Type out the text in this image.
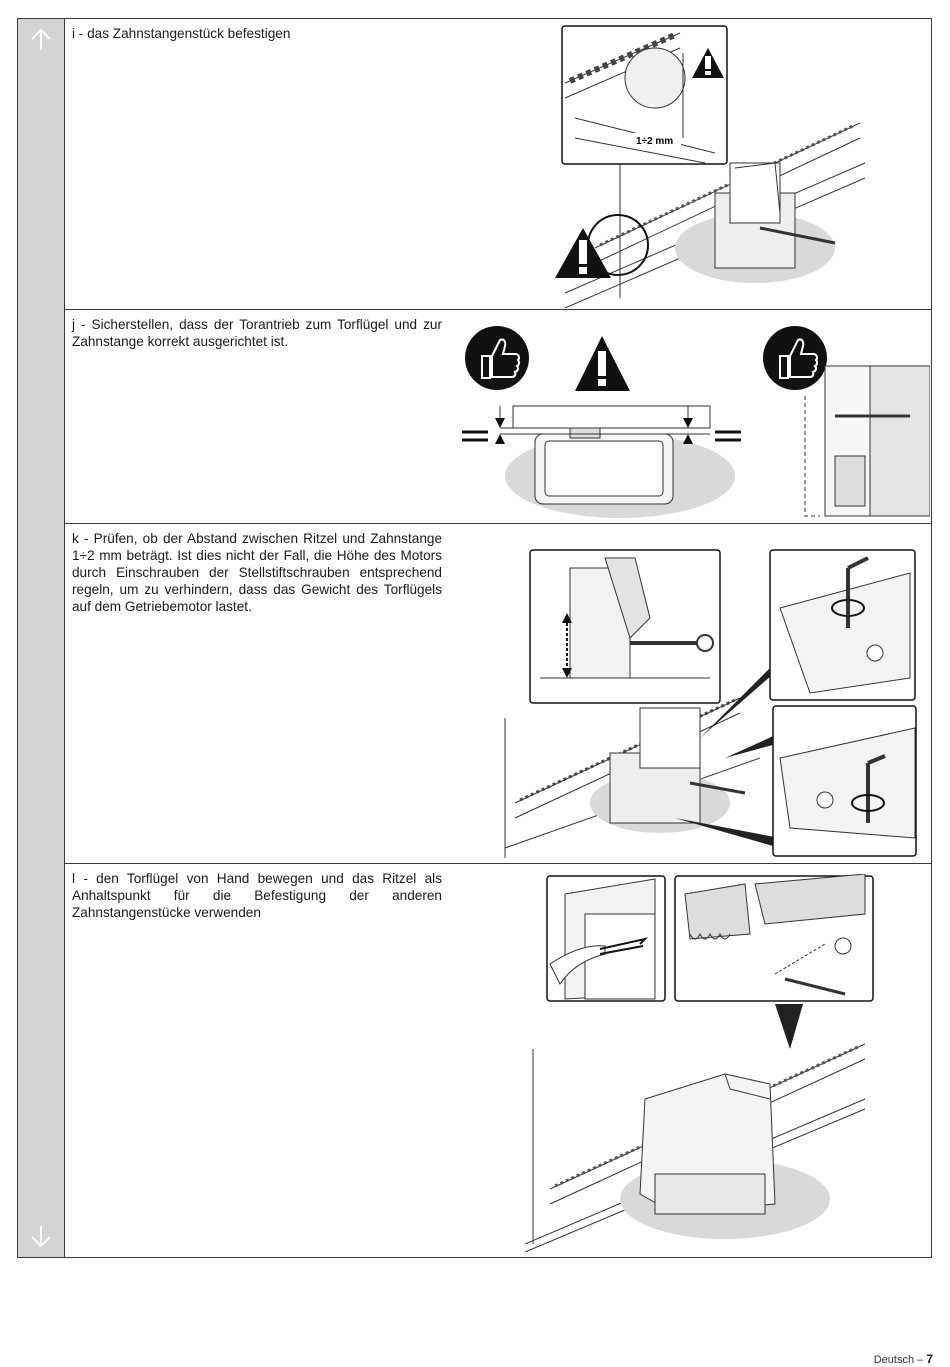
i - das Zahnstangenstück befestigen
1÷2 mm
j - Sicherstellen, dass der Torantrieb zum Torflügel und zur Zahnstange korrekt ausgerichtet ist.
k - Prüfen, ob der Abstand zwischen Ritzel und Zahnstange 1÷2 mm beträgt. Ist dies nicht der Fall, die Höhe des Motors durch Einschrauben der Stellstiftschrauben entsprechend regeln, um zu verhindern, dass das Gewicht des Torflügels auf dem Getriebemotor lastet.
l - den Torflügel von Hand bewegen und das Ritzel als Anhaltspunkt für die Befestigung der anderen Zahnstangenstücke verwenden
Deutsch – 7
